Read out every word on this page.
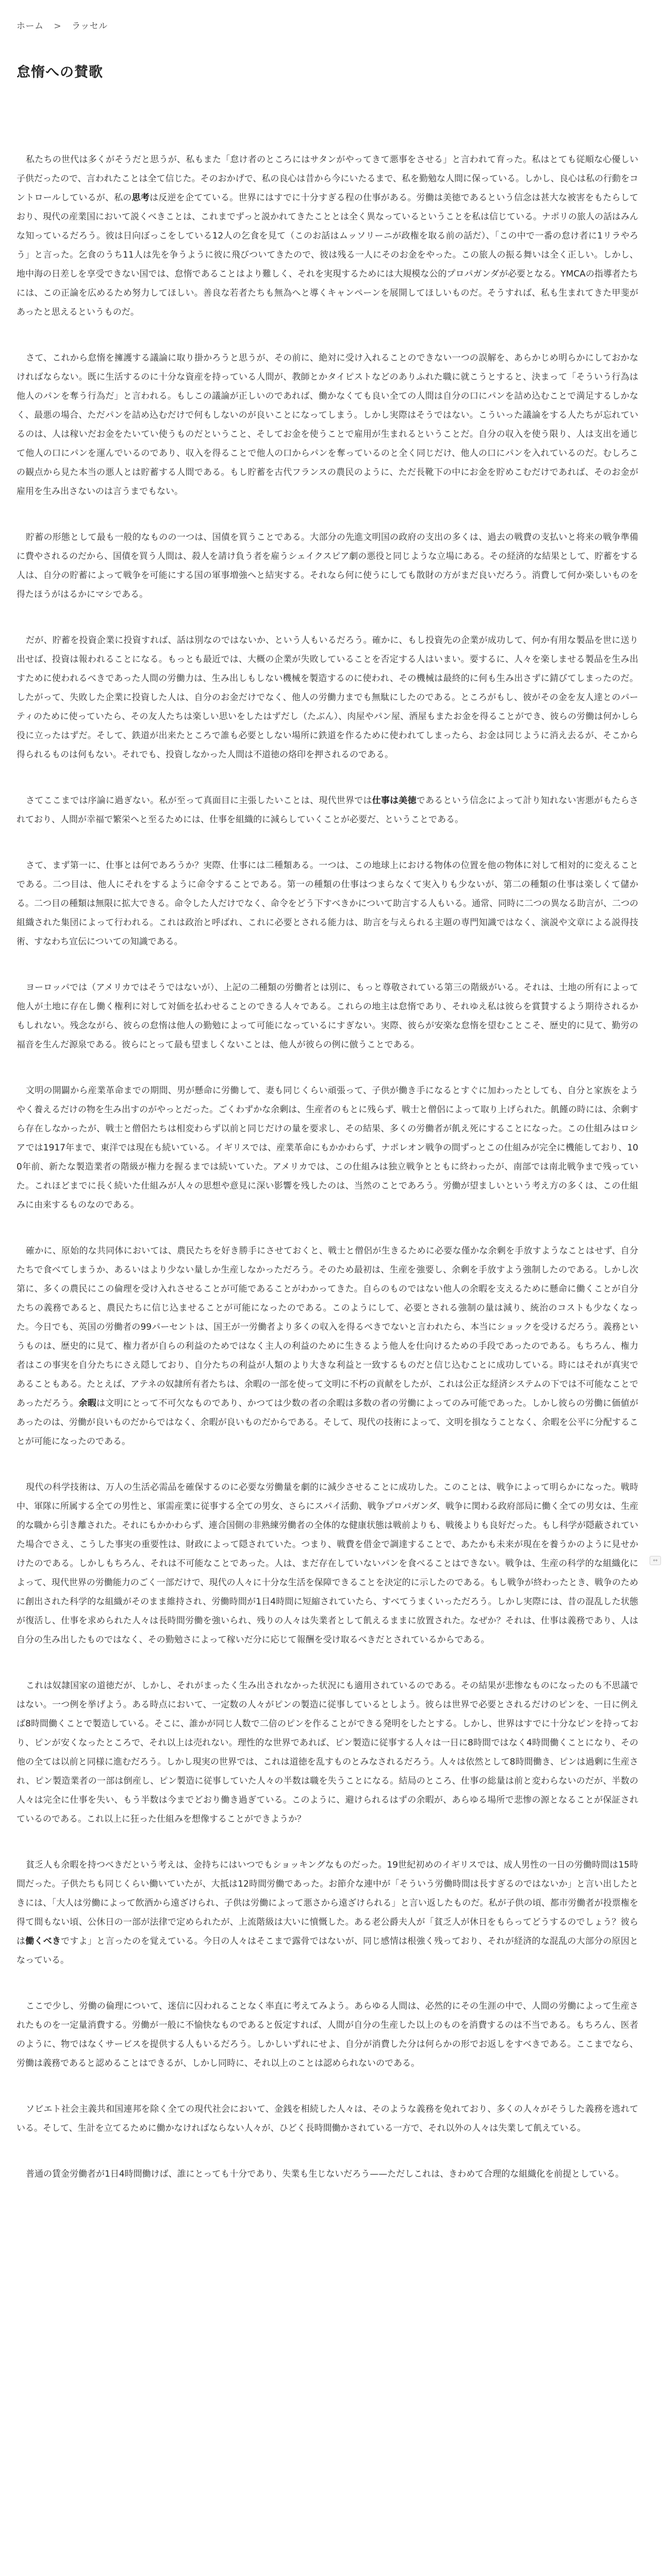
ホーム > ラッセル
怠惰への賛歌

私たちの世代は多くがそうだと思うが、私もまた「怠け者のところにはサタンがやってきて悪事をさせる」と言われて育った。私はとても従順な心優しい子供だったので、言われたことは全て信じた。そのおかげで、私の良心は昔から今にいたるまで、私を勤勉な人間に保っている。しかし、良心は私の行動をコントロールしているが、私の思考は反逆を企てている。世界にはすでに十分すぎる程の仕事がある。労働は美徳であるという信念は甚大な被害をもたらしており、現代の産業国において説くべきことは、これまでずっと説かれてきたこととは全く異なっているということを私は信じている。ナポリの旅人の話はみんな知っているだろう。彼は日向ぼっこをしている12人の乞食を見て（このお話はムッソリーニが政権を取る前の話だ）、「この中で一番の怠け者に1リラやろう」と言った。乞食のうち11人は先を争うように彼に飛びついてきたので、彼は残る一人にそのお金をやった。この旅人の振る舞いは全く正しい。しかし、地中海の日差しを享受できない国では、怠惰であることはより難しく、それを実現するためには大規模な公的プロパガンダが必要となる。YMCAの指導者たちには、この正論を広めるため努力してほしい。善良な若者たちも無為へと導くキャンペーンを展開してほしいものだ。そうすれば、私も生まれてきた甲斐があったと思えるというものだ。

さて、これから怠惰を擁護する議論に取り掛かろうと思うが、その前に、絶対に受け入れることのできない一つの誤解を、あらかじめ明らかにしておかなければならない。既に生活するのに十分な資産を持っている人間が、教師とかタイピストなどのありふれた職に就こうとすると、決まって「そういう行為は他人のパンを奪う行為だ」と言われる。もしこの議論が正しいのであれば、働かなくても良い全ての人間は自分の口にパンを詰め込むことで満足するしかなく、最悪の場合、ただパンを詰め込むだけで何もしないのが良いことになってしまう。しかし実際はそうではない。こういった議論をする人たちが忘れているのは、人は稼いだお金をたいてい使うものだということ、そしてお金を使うことで雇用が生まれるということだ。自分の収入を使う限り、人は支出を通じて他人の口にパンを運んでいるのであり、収入を得ることで他人の口からパンを奪っているのと全く同じだけ、他人の口にパンを入れているのだ。むしろこの観点から見た本当の悪人とは貯蓄する人間である。もし貯蓄を古代フランスの農民のように、ただ長靴下の中にお金を貯めこむだけであれば、そのお金が雇用を生み出さないのは言うまでもない。

貯蓄の形態として最も一般的なものの一つは、国債を買うことである。大部分の先進文明国の政府の支出の多くは、過去の戦費の支払いと将来の戦争準備に費やされるのだから、国債を買う人間は、殺人を請け負う者を雇うシェイクスピア劇の悪役と同じような立場にある。その経済的な結果として、貯蓄をする人は、自分の貯蓄によって戦争を可能にする国の軍事増強へと結実する。それなら何に使うにしても散財の方がまだ良いだろう。消費して何か楽しいものを得たほうがはるかにマシである。

だが、貯蓄を投資企業に投資すれば、話は別なのではないか、という人もいるだろう。確かに、もし投資先の企業が成功して、何か有用な製品を世に送り出せば、投資は報われることになる。もっとも最近では、大概の企業が失敗していることを否定する人はいまい。要するに、人々を楽しませる製品を生み出すために使われるべきであった人間の労働力は、生み出しもしない機械を製造するのに使われ、その機械は最終的に何も生み出さずに錆びてしまったのだ。したがって、失敗した企業に投資した人は、自分のお金だけでなく、他人の労働力までも無駄にしたのである。ところがもし、彼がその金を友人達とのパーティのために使っていたら、その友人たちは楽しい思いをしたはずだし（たぶん）、肉屋やパン屋、酒屋もまたお金を得ることができ、彼らの労働は何かしら役に立ったはずだ。そして、鉄道が出来たところで誰も必要としない場所に鉄道を作るために使われてしまったら、お金は同じように消え去るが、そこから得られるものは何もない。それでも、投資しなかった人間は不道徳の烙印を押されるのである。

さてここまでは序論に過ぎない。私が至って真面目に主張したいことは、現代世界では仕事は美徳であるという信念によって計り知れない害悪がもたらされており、人間が幸福で繁栄へと至るためには、仕事を組織的に減らしていくことが必要だ、ということである。

さて、まず第一に、仕事とは何であろうか？実際、仕事には二種類ある。一つは、この地球上における物体の位置を他の物体に対して相対的に変えることである。二つ目は、他人にそれをするように命令することである。第一の種類の仕事はつまらなくて実入りも少ないが、第二の種類の仕事は楽しくて儲かる。二つ目の種類は無限に拡大できる。命令した人だけでなく、命令をどう下すべきかについて助言する人もいる。通常、同時に二つの異なる助言が、二つの組織された集団によって行われる。これは政治と呼ばれ、これに必要とされる能力は、助言を与えられる主題の専門知識ではなく、演説や文章による説得技術、すなわち宣伝についての知識である。

ヨーロッパでは（アメリカではそうではないが）、上記の二種類の労働者とは別に、もっと尊敬されている第三の階級がいる。それは、土地の所有によって他人が土地に存在し働く権利に対して対価を払わせることのできる人々である。これらの地主は怠惰であり、それゆえ私は彼らを賞賛するよう期待されるかもしれない。残念ながら、彼らの怠惰は他人の勤勉によって可能になっているにすぎない。実際、彼らが安楽な怠惰を望むことこそ、歴史的に見て、勤労の福音を生んだ源泉である。彼らにとって最も望ましくないことは、他人が彼らの例に倣うことである。

文明の開闢から産業革命までの期間、男が懸命に労働して、妻も同じくらい頑張って、子供が働き手になるとすぐに加わったとしても、自分と家族をようやく養えるだけの物を生み出すのがやっとだった。ごくわずかな余剰は、生産者のもとに残らず、戦士と僧侶によって取り上げられた。飢饉の時には、余剰すら存在しなかったが、戦士と僧侶たちは相変わらず以前と同じだけの量を要求し、その結果、多くの労働者が飢え死にすることになった。この仕組みはロシアでは1917年まで、東洋では現在も続いている。イギリスでは、産業革命にもかかわらず、ナポレオン戦争の間ずっとこの仕組みが完全に機能しており、100年前、新たな製造業者の階級が権力を握るまでは続いていた。アメリカでは、この仕組みは独立戦争とともに終わったが、南部では南北戦争まで残っていた。これほどまでに長く続いた仕組みが人々の思想や意見に深い影響を残したのは、当然のことであろう。労働が望ましいという考え方の多くは、この仕組みに由来するものなのである。

確かに、原始的な共同体においては、農民たちを好き勝手にさせておくと、戦士と僧侶が生きるために必要な僅かな余剰を手放すようなことはせず、自分たちで食べてしまうか、あるいはより少ない量しか生産しなかっただろう。そのため最初は、生産を強要し、余剰を手放すよう強制したのである。しかし次第に、多くの農民にこの倫理を受け入れさせることが可能であることがわかってきた。自らのものではない他人の余暇を支えるために懸命に働くことが自分たちの義務であると、農民たちに信じ込ませることが可能になったのである。このようにして、必要とされる強制の量は減り、統治のコストも少なくなった。今日でも、英国の労働者の99パーセントは、国王が一労働者より多くの収入を得るべきでないと言われたら、本当にショックを受けるだろう。義務というものは、歴史的に見て、権力者が自らの利益のためではなく主人の利益のために生きるよう他人を仕向けるための手段であったのである。もちろん、権力者はこの事実を自分たちにさえ隠しており、自分たちの利益が人類のより大きな利益と一致するものだと信じ込むことに成功している。時にはそれが真実であることもある。たとえば、アテネの奴隷所有者たちは、余暇の一部を使って文明に不朽の貢献をしたが、これは公正な経済システムの下では不可能なことであっただろう。余暇は文明にとって不可欠なものであり、かつては少数の者の余暇は多数の者の労働によってのみ可能であった。しかし彼らの労働に価値があったのは、労働が良いものだからではなく、余暇が良いものだからである。そして、現代の技術によって、文明を損なうことなく、余暇を公平に分配することが可能になったのである。

現代の科学技術は、万人の生活必需品を確保するのに必要な労働量を劇的に減少させることに成功した。このことは、戦争によって明らかになった。戦時中、軍隊に所属する全ての男性と、軍需産業に従事する全ての男女、さらにスパイ活動、戦争プロパガンダ、戦争に関わる政府部局に働く全ての男女は、生産的な職から引き離された。それにもかかわらず、連合国側の非熟練労働者の全体的な健康状態は戦前よりも、戦後よりも良好だった。もし科学が隠蔽されていた場合でさえ、こうした事実の重要性は、財政によって隠されていた。つまり、戦費を借金で調達することで、あたかも未来が現在を養うかのように見せかけたのである。しかしもちろん、それは不可能なことであった。人は、まだ存在していないパンを食べることはできない。戦争は、生産の科学的な組織化によって、現代世界の労働能力のごく一部だけで、現代の人々に十分な生活を保障できることを決定的に示したのである。もし戦争が終わったとき、戦争のために創出された科学的な組織がそのまま維持され、労働時間が1日4時間に短縮されていたら、すべてうまくいっただろう。しかし実際には、昔の混乱した状態が復活し、仕事を求められた人々は長時間労働を強いられ、残りの人々は失業者として飢えるままに放置された。なぜか？それは、仕事は義務であり、人は自分の生み出したものではなく、その勤勉さによって稼いだ分に応じて報酬を受け取るべきだとされているからである。

これは奴隷国家の道徳だが、しかし、それがまったく生み出されなかった状況にも適用されているのである。その結果が悲惨なものになったのも不思議ではない。一つ例を挙げよう。ある時点において、一定数の人々がピンの製造に従事しているとしよう。彼らは世界で必要とされるだけのピンを、一日に例えば8時間働くことで製造している。そこに、誰かが同じ人数で二倍のピンを作ることができる発明をしたとする。しかし、世界はすでに十分なピンを持っており、ピンが安くなったところで、それ以上は売れない。理性的な世界であれば、ピン製造に従事する人々は一日に8時間ではなく4時間働くことになり、その他の全ては以前と同様に進むだろう。しかし現実の世界では、これは道徳を乱すものとみなされるだろう。人々は依然として8時間働き、ピンは過剰に生産され、ピン製造業者の一部は倒産し、ピン製造に従事していた人々の半数は職を失うことになる。結局のところ、仕事の総量は前と変わらないのだが、半数の人々は完全に仕事を失い、もう半数は今までどおり働き過ぎている。このように、避けられるはずの余暇が、あらゆる場所で悲惨の源となることが保証されているのである。これ以上に狂った仕組みを想像することができようか？

貧乏人も余暇を持つべきだという考えは、金持ちにはいつでもショッキングなものだった。19世紀初めのイギリスでは、成人男性の一日の労働時間は15時間だった。子供たちも同じくらい働いていたが、大抵は12時間労働であった。お節介な連中が「そういう労働時間は長すぎるのではないか」と言い出したときには、「大人は労働によって飲酒から遠ざけられ、子供は労働によって悪さから遠ざけられる」と言い返したものだ。私が子供の頃、都市労働者が投票権を得て間もない頃、公休日の一部が法律で定められたが、上流階級は大いに憤慨した。ある老公爵夫人が「貧乏人が休日をもらってどうするのでしょう？彼らは働くべきですよ」と言ったのを覚えている。今日の人々はそこまで露骨ではないが、同じ感情は根強く残っており、それが経済的な混乱の大部分の原因となっている。

ここで少し、労働の倫理について、迷信に囚われることなく率直に考えてみよう。あらゆる人間は、必然的にその生涯の中で、人間の労働によって生産されたものを一定量消費する。労働が一般に不愉快なものであると仮定すれば、人間が自分の生産した以上のものを消費するのは不当である。もちろん、医者のように、物ではなくサービスを提供する人もいるだろう。しかしいずれにせよ、自分が消費した分は何らかの形でお返しをすべきである。ここまでなら、労働は義務であると認めることはできるが、しかし同時に、それ以上のことは認められないのである。

ソビエト社会主義共和国連邦を除く全ての現代社会において、金銭を相続した人々は、そのような義務を免れており、多くの人々がそうした義務を逃れている。そして、生計を立てるために働かなければならない人々が、ひどく長時間働かされている一方で、それ以外の人々は失業して飢えている。

普通の賃金労働者が1日4時間働けば、誰にとっても十分であり、失業も生じないだろう——ただしこれは、きわめて合理的な組織化を前提としている。

↔
